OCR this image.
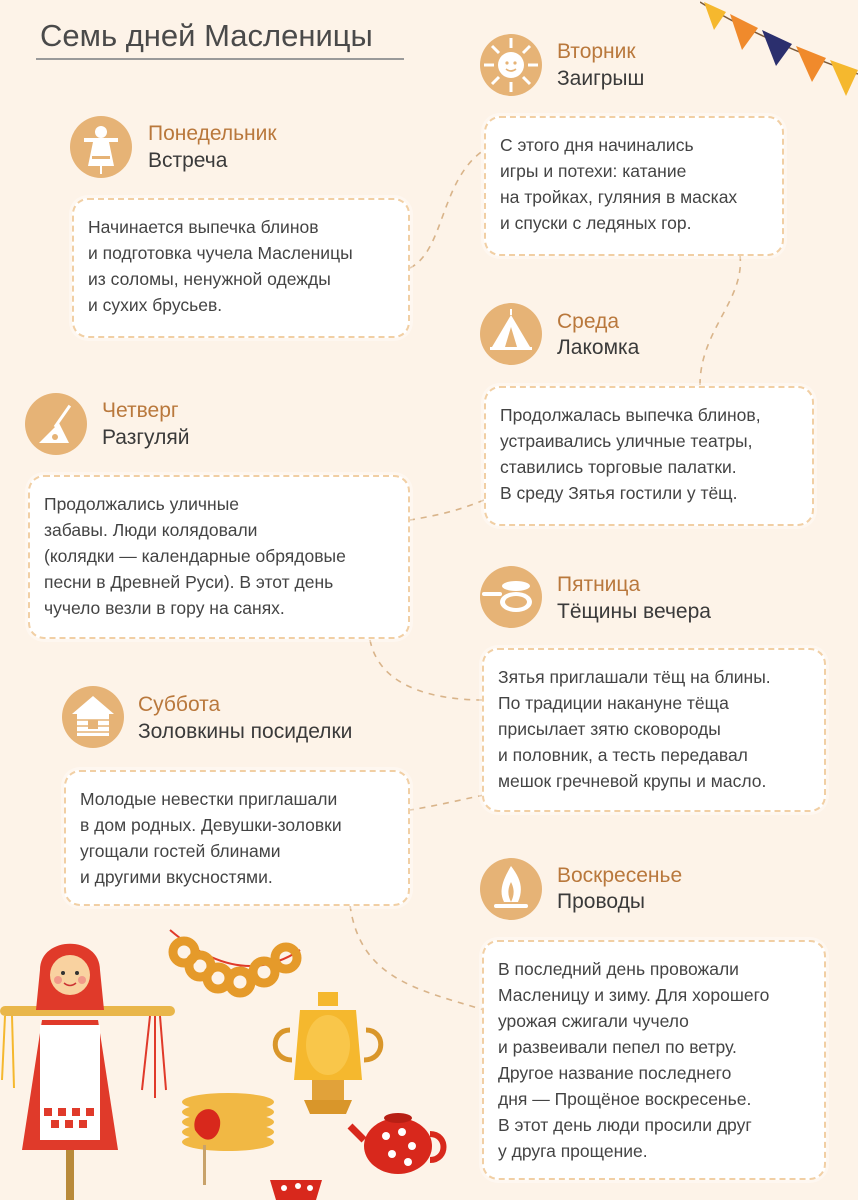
Семь дней Масленицы
Понедельник
Встреча
Начинается выпечка блинов
и подготовка чучела Масленицы
из соломы, ненужной одежды
и сухих брусьев.
Вторник
Заигрыш
С этого дня начинались
игры и потехи: катание
на тройках, гуляния в масках
и спуски с ледяных гор.
Среда
Лакомка
Продолжалась выпечка блинов,
устраивались уличные театры,
ставились торговые палатки.
В среду Зятья гостили у тёщ.
Четверг
Разгуляй
Продолжались уличные
забавы. Люди колядовали
(колядки — календарные обрядовые
песни в Древней Руси). В этот день
чучело везли в гору на санях.
Пятница
Тёщины вечера
Зятья приглашали тёщ на блины.
По традиции накануне тёща
присылает зятю сковороды
и половник, а тесть передавал
мешок гречневой крупы и масло.
Суббота
Золовкины посиделки
Молодые невестки приглашали
в дом родных. Девушки-золовки
угощали гостей блинами
и другими вкусностями.	Воскресенье
Проводы
В последний день провожали
Масленицу и зиму. Для хорошего
урожая сжигали чучело
и развеивали пепел по ветру.
Другое название последнего
дня — Прощёное воскресенье.
В этот день люди просили друг
у друга прощение.
